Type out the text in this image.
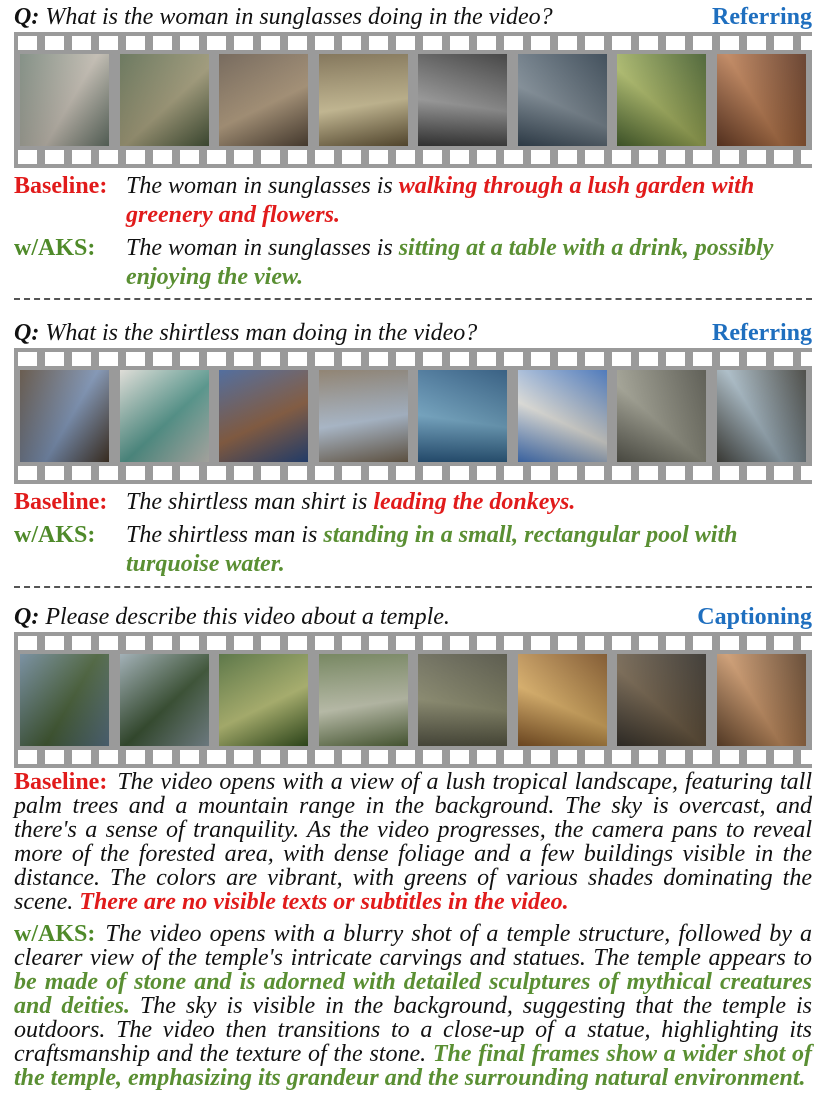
Q: What is the woman in sunglasses doing in the video?	Referring
Baseline: The woman in sunglasses is walking through a lush garden with greenery and flowers.
w/AKS: The woman in sunglasses is sitting at a table with a drink, possibly enjoying the view.
Q: What is the shirtless man doing in the video?	Referring
Baseline: The shirtless man shirt is leading the donkeys.
w/AKS: The shirtless man is standing in a small, rectangular pool with turquoise water.
Q: Please describe this video about a temple.	Captioning

Baseline: The video opens with a view of a lush tropical landscape, featuring tall palm trees and a mountain range in the background. The sky is overcast, and there's a sense of tranquility. As the video progresses, the camera pans to reveal more of the forested area, with dense foliage and a few buildings visible in the distance. The colors are vibrant, with greens of various shades dominating the scene. There are no visible texts or subtitles in the video.

w/AKS: The video opens with a blurry shot of a temple structure, followed by a clearer view of the temple's intricate carvings and statues. The temple appears to be made of stone and is adorned with detailed sculptures of mythical creatures and deities. The sky is visible in the background, suggesting that the temple is outdoors. The video then transitions to a close-up of a statue, highlighting its craftsmanship and the texture of the stone. The final frames show a wider shot of the temple, emphasizing its grandeur and the surrounding natural environment.
